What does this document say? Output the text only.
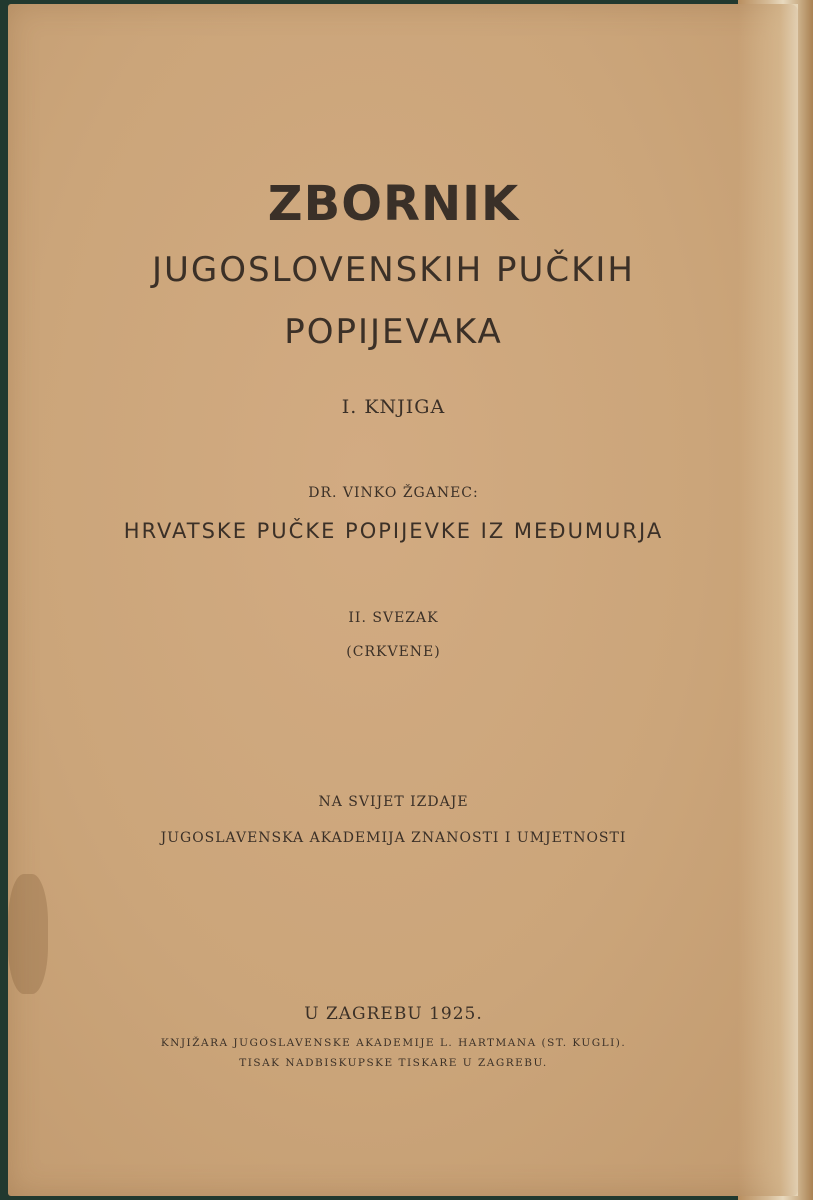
ZBORNIK
JUGOSLOVENSKIH PUČKIH
POPIJEVAKA
I. KNJIGA
DR. VINKO ŽGANEC:
HRVATSKE PUČKE POPIJEVKE IZ MEĐUMURJA
II. SVEZAK
(CRKVENE)
NA SVIJET IZDAJE
JUGOSLAVENSKA AKADEMIJA ZNANOSTI I UMJETNOSTI
U ZAGREBU 1925.
KNJIŽARA JUGOSLAVENSKE AKADEMIJE L. HARTMANA (ST. KUGLI).
TISAK NADBISKUPSKE TISKARE U ZAGREBU.
